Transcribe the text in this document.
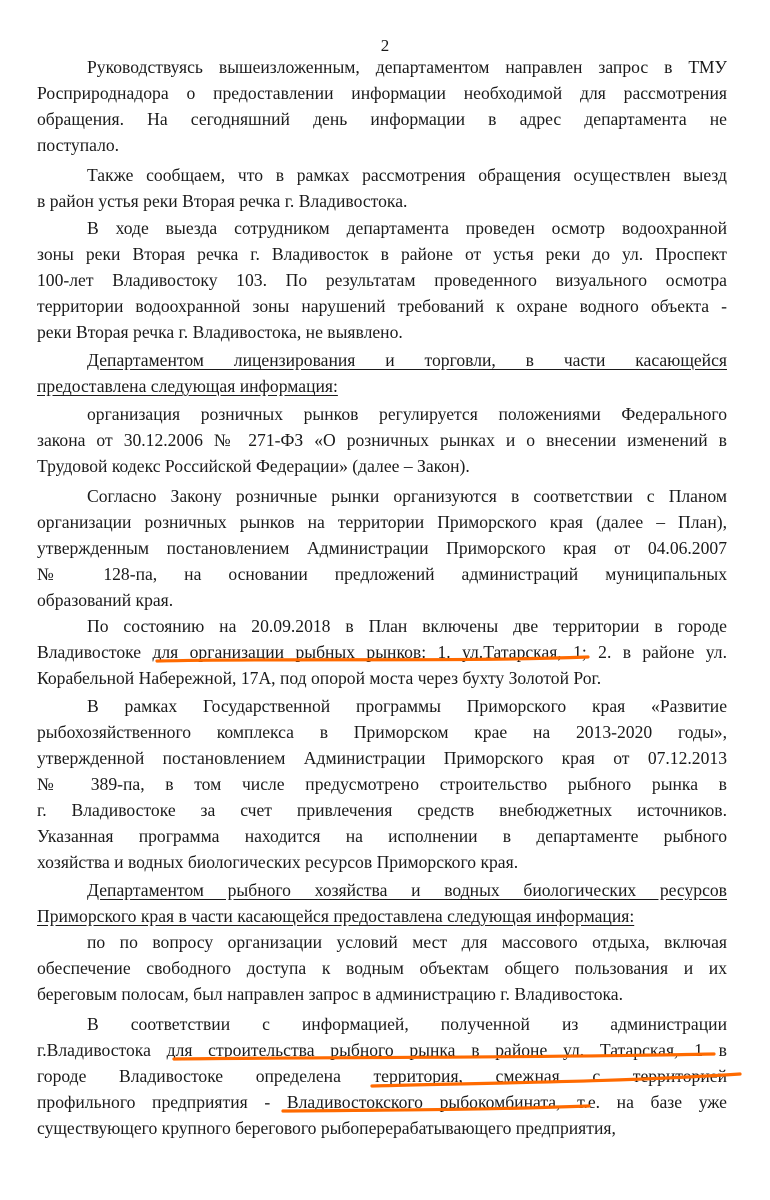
2
Руководствуясь вышеизложенным, департаментом направлен запрос в ТМУ
Росприроднадора о предоставлении информации необходимой для рассмотрения
обращения. На сегодняшний день информации в адрес департамента не
поступало.
Также сообщаем, что в рамках рассмотрения обращения осуществлен выезд
в район устья реки Вторая речка г. Владивостока.
В ходе выезда сотрудником департамента проведен осмотр водоохранной
зоны реки Вторая речка г. Владивосток в районе от устья реки до ул. Проспект
100-лет Владивостоку 103. По результатам проведенного визуального осмотра
территории водоохранной зоны нарушений требований к охране водного объекта -
реки Вторая речка г. Владивостока, не выявлено.
Департаментом лицензирования и торговли, в части касающейся
предоставлена следующая информация:
организация розничных рынков регулируется положениями Федерального
закона от 30.12.2006 № 271-ФЗ «О розничных рынках и о внесении изменений в
Трудовой кодекс Российской Федерации» (далее – Закон).
Согласно Закону розничные рынки организуются в соответствии с Планом
организации розничных рынков на территории Приморского края (далее – План),
утвержденным постановлением Администрации Приморского края от 04.06.2007
№ 128-па, на основании предложений администраций муниципальных
образований края.
По состоянию на 20.09.2018 в План включены две территории в городе
Владивостоке для организации рыбных рынков: 1. ул.Татарская, 1; 2. в районе ул.
Корабельной Набережной, 17А, под опорой моста через бухту Золотой Рог.
В рамках Государственной программы Приморского края «Развитие
рыбохозяйственного комплекса в Приморском крае на 2013-2020 годы»,
утвержденной постановлением Администрации Приморского края от 07.12.2013
№ 389-па, в том числе предусмотрено строительство рыбного рынка в
г. Владивостоке за счет привлечения средств внебюджетных источников.
Указанная программа находится на исполнении в департаменте рыбного
хозяйства и водных биологических ресурсов Приморского края.
Департаментом рыбного хозяйства и водных биологических ресурсов
Приморского края в части касающейся предоставлена следующая информация:
по по вопросу организации условий мест для массового отдыха, включая
обеспечение свободного доступа к водным объектам общего пользования и их
береговым полосам, был направлен запрос в администрацию г. Владивостока.
В соответствии с информацией, полученной из администрации
г.Владивостока для строительства рыбного рынка в районе ул. Татарская, 1 в
городе Владивостоке определена территория, смежная с территорией
профильного предприятия - Владивостокского рыбокомбината, т.е. на базе уже
существующего крупного берегового рыбоперерабатывающего предприятия,
